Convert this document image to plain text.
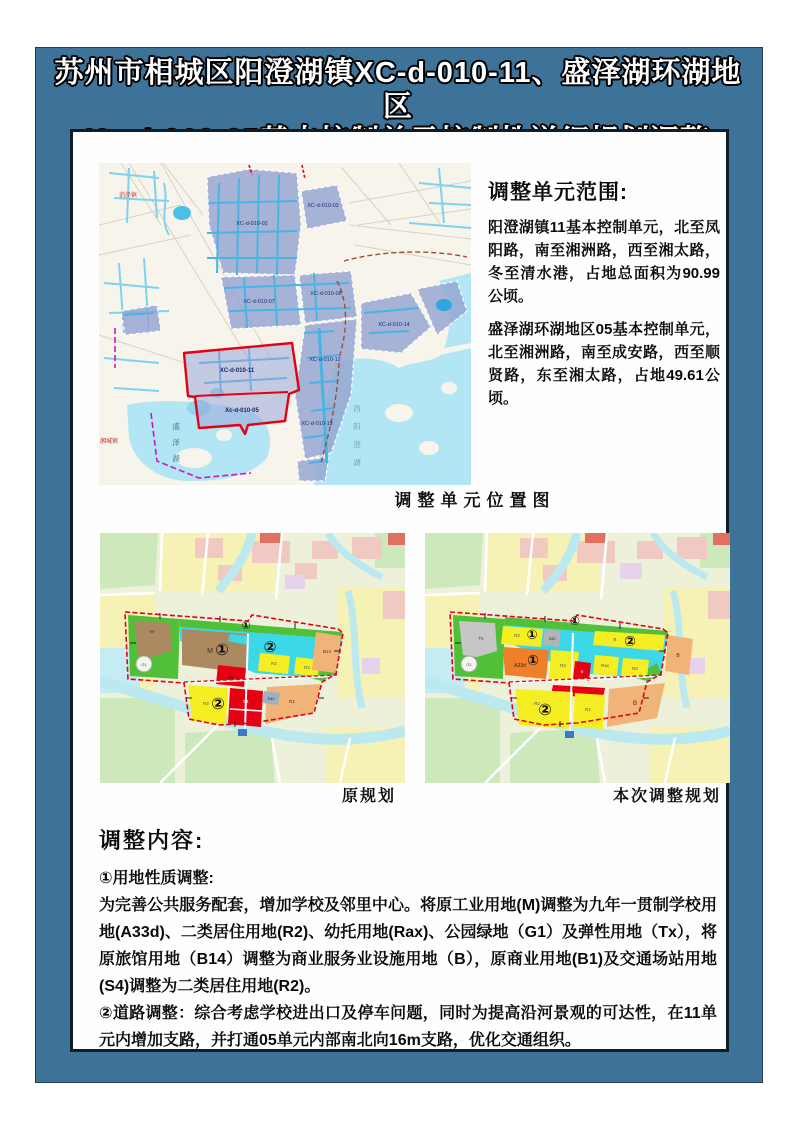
苏州市相城区阳澄湖镇XC-d-010-11、盛泽湖环湖地区
XC-d-010-02
XC-d-010-03
XC-d-010-07
XC-d-010-08
XC-d-010-12
XC-d-010-13
XC-d-010-14
XC-d-010-11
Xc-d-010-05
消泾镇
湘城镇
盛
泽
湖
西
阳
澄
湖
调整单元位置图
调整单元范围:

阳澄湖镇11基本控制单元，北至凤阳路，南至湘洲路，西至湘太路，冬至清水港，占地总面积为90.99公顷。

盛泽湖环湖地区05基本控制单元，北至湘洲路，南至成安路，西至顺贤路，东至湘太路，占地49.61公顷。

①
① ②
②
M
B1
R2
R2
B14
R2	B1	R2
S42
M
G1
原规划
①
①
①
②
②
R2
S42
A33d	R2
B
Rax
R2
B
B
R2
R2
B
Tx
G1
本次调整规划
调整内容:
①用地性质调整:
为完善公共服务配套，增加学校及邻里中心。将原工业用地(M)调整为九年一贯制学校用地(A33d)、二类居住用地(R2)、幼托用地(Rax)、公园绿地（G1）及弹性用地（Tx），将原旅馆用地（B14）调整为商业服务业设施用地（B），原商业用地(B1)及交通场站用地(S4)调整为二类居住用地(R2)。
②道路调整：综合考虑学校进出口及停车问题，同时为提高沿河景观的可达性，在11单元内增加支路，并打通05单元内部南北向16m支路，优化交通组织。
